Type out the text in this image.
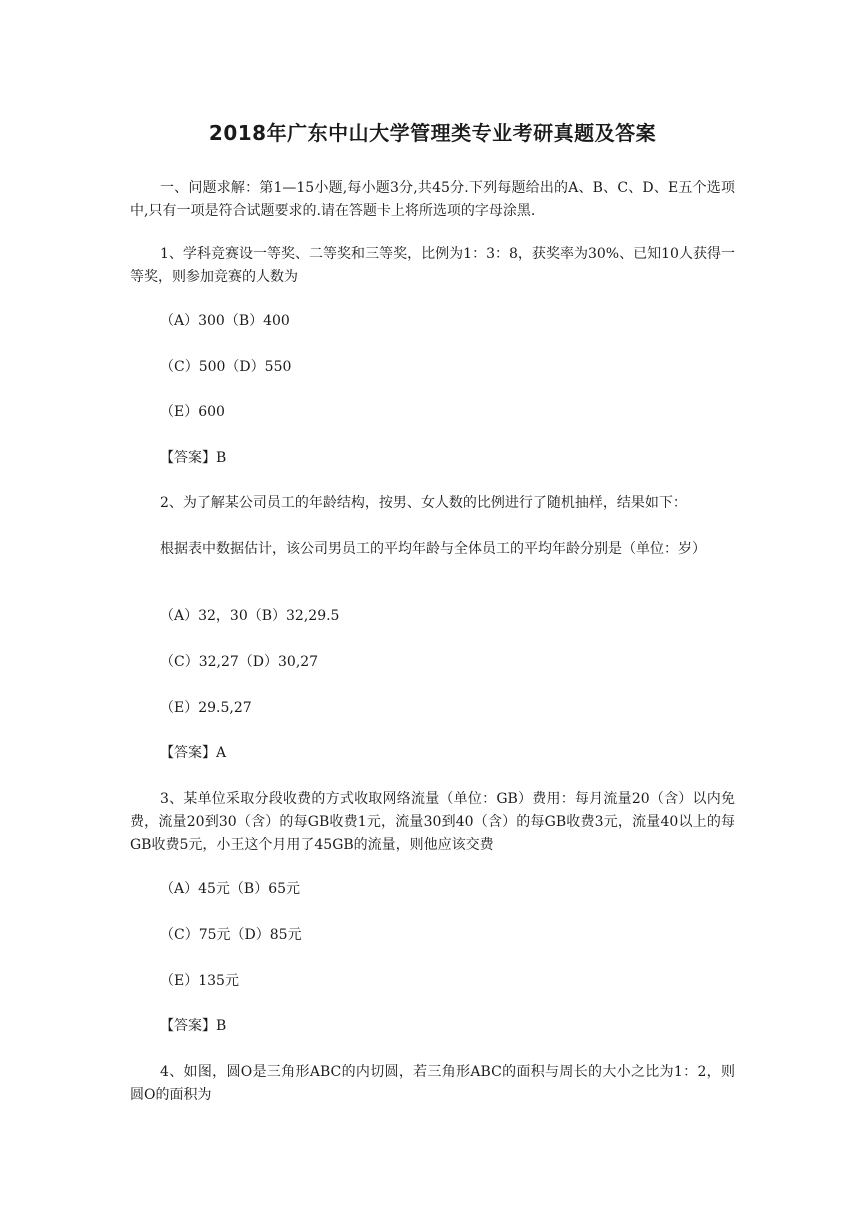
2018年广东中山大学管理类专业考研真题及答案
一、问题求解：第1—15小题,每小题3分,共45分.下列每题给出的A、B、C、D、E五个选项中,只有一项是符合试题要求的.请在答题卡上将所选项的字母涂黑.
1、学科竞赛设一等奖、二等奖和三等奖，比例为1：3：8，获奖率为30%、已知10人获得一等奖，则参加竞赛的人数为
（A）300（B）400
（C）500（D）550
（E）600
【答案】B
2、为了解某公司员工的年龄结构，按男、女人数的比例进行了随机抽样，结果如下：
根据表中数据估计，该公司男员工的平均年龄与全体员工的平均年龄分别是（单位：岁）
（A）32，30（B）32,29.5
（C）32,27（D）30,27
（E）29.5,27
【答案】A
3、某单位采取分段收费的方式收取网络流量（单位：GB）费用：每月流量20（含）以内免费，流量20到30（含）的每GB收费1元，流量30到40（含）的每GB收费3元，流量40以上的每GB收费5元，小王这个月用了45GB的流量，则他应该交费
（A）45元（B）65元
（C）75元（D）85元
（E）135元
【答案】B
4、如图，圆O是三角形ABC的内切圆，若三角形ABC的面积与周长的大小之比为1：2，则圆O的面积为
